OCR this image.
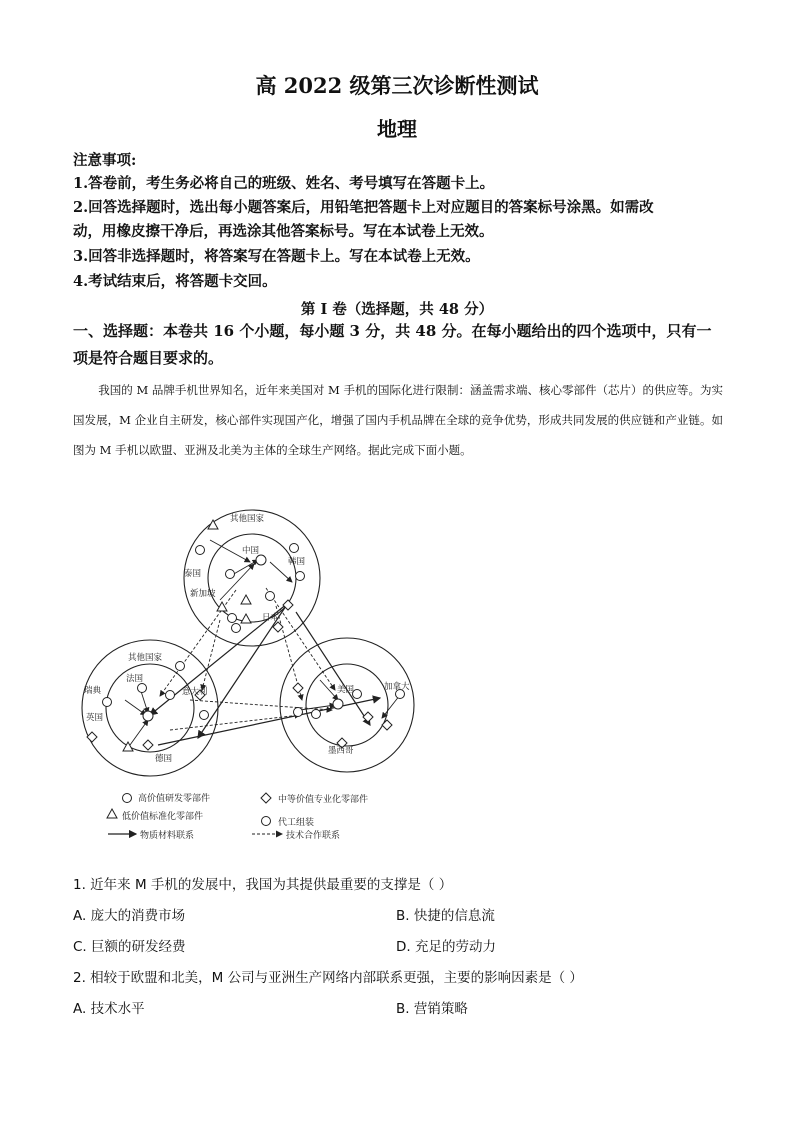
高 2022 级第三次诊断性测试
地理
注意事项:
1.答卷前，考生务必将自己的班级、姓名、考号填写在答题卡上。
2.回答选择题时，选出每小题答案后，用铅笔把答题卡上对应题目的答案标号涂黑。如需改
动，用橡皮擦干净后，再选涂其他答案标号。写在本试卷上无效。
3.回答非选择题时，将答案写在答题卡上。写在本试卷上无效。
4.考试结束后，将答题卡交回。
第 I 卷（选择题，共 48 分）
一、选择题：本卷共 16 个小题，每小题 3 分，共 48 分。在每小题给出的四个选项中，只有一项是符合题目要求的。
我国的 M 品牌手机世界知名，近年来美国对 M 手机的国际化进行限制：涵盖需求端、核心零部件（芯片）的供应等。为实国发展，M 企业自主研发，核心部件实现国产化，增强了国内手机品牌在全球的竞争优势，形成共同发展的供应链和产业链。如图为 M 手机以欧盟、亚洲及北美为主体的全球生产网络。据此完成下面小题。
其他国家
中国
韩国
泰国
新加坡
日本
其他国家
法国
意大利
瑞典
英国
德国
美国	加拿大
墨西哥
高价值研发零部件	中等价值专业化零部件
低价值标准化零部件
代工组装
物质材料联系	技术合作联系
1. 近年来 M 手机的发展中，我国为其提供最重要的支撑是（ ）
A. 庞大的消费市场	B. 快捷的信息流
C. 巨额的研发经费	D. 充足的劳动力
2. 相较于欧盟和北美，M 公司与亚洲生产网络内部联系更强，主要的影响因素是（ ）
A. 技术水平	B. 营销策略
